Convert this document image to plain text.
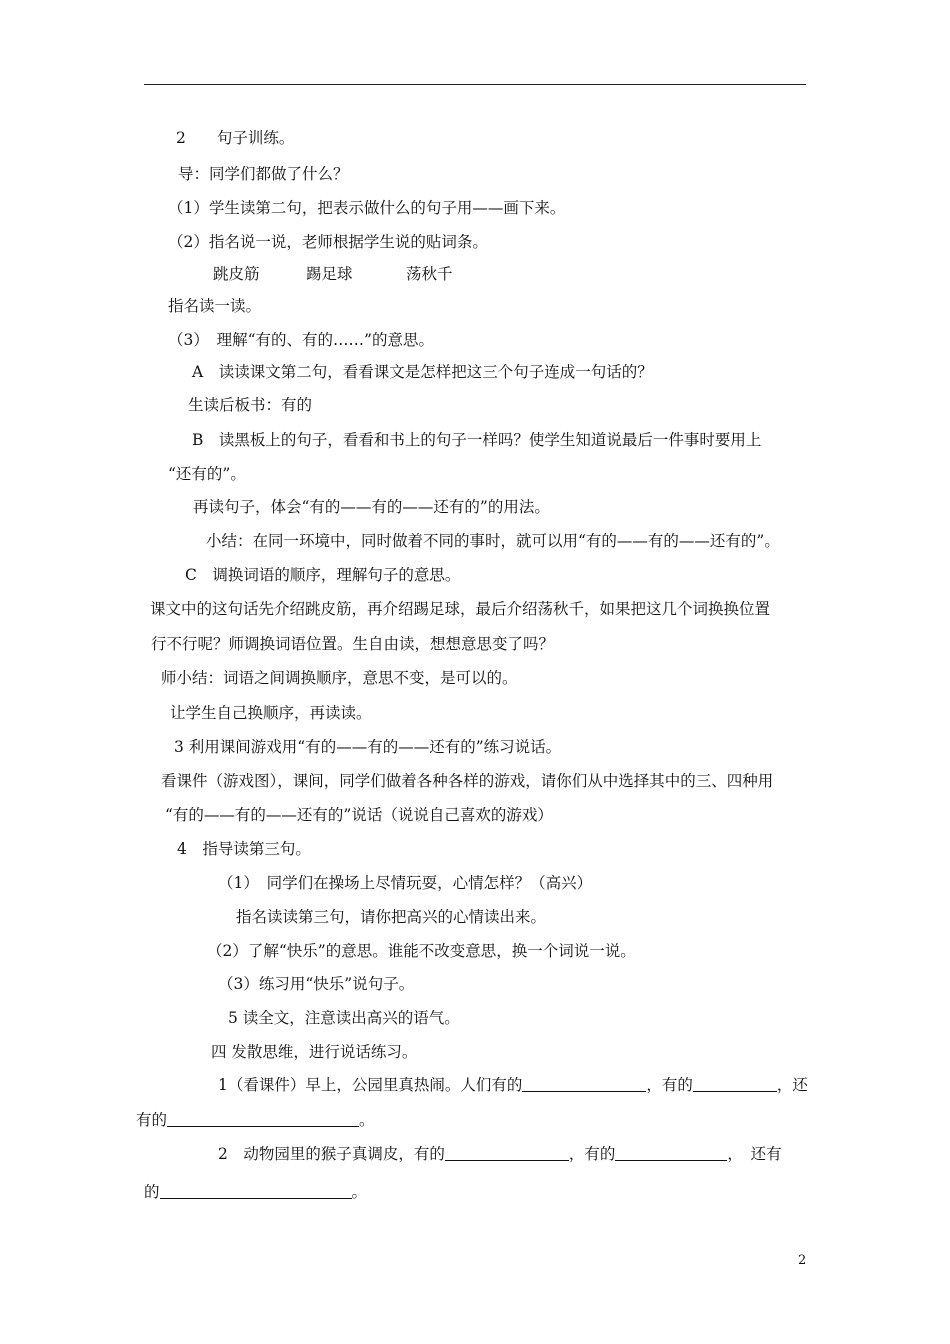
2　　句子训练。
导：同学们都做了什么？
（1）学生读第二句，把表示做什么的句子用——画下来。
（2）指名说一说，老师根据学生说的贴词条。
跳皮筋	踢足球	荡秋千
指名读一读。
（3）　理解“有的、有的……”的意思。
A　读读课文第二句，看看课文是怎样把这三个句子连成一句话的？
生读后板书：有的
B　读黑板上的句子，看看和书上的句子一样吗？使学生知道说最后一件事时要用上
“还有的”。
再读句子，体会“有的——有的——还有的”的用法。
小结：在同一环境中，同时做着不同的事时，就可以用“有的——有的——还有的”。
C　调换词语的顺序，理解句子的意思。
课文中的这句话先介绍跳皮筋，再介绍踢足球，最后介绍荡秋千，如果把这几个词换换位置
行不行呢？师调换词语位置。生自由读，想想意思变了吗？
师小结：词语之间调换顺序，意思不变，是可以的。
让学生自己换顺序，再读读。
3 利用课间游戏用“有的——有的——还有的”练习说话。
看课件（游戏图），课间，同学们做着各种各样的游戏，请你们从中选择其中的三、四种用
“有的——有的——还有的”说话（说说自己喜欢的游戏）
4　指导读第三句。
（1）　同学们在操场上尽情玩耍，心情怎样？（高兴）
指名读读第三句，请你把高兴的心情读出来。
（2）了解“快乐”的意思。谁能不改变意思，换一个词说一说。
（3）练习用“快乐”说句子。
5 读全文，注意读出高兴的语气。
四 发散思维，进行说话练习。
1（看课件）早上，公园里真热闹。人们有的	，有的	，还
有的	。
2　动物园里的猴子真调皮，有的	，有的	，　还有
的	。
2
